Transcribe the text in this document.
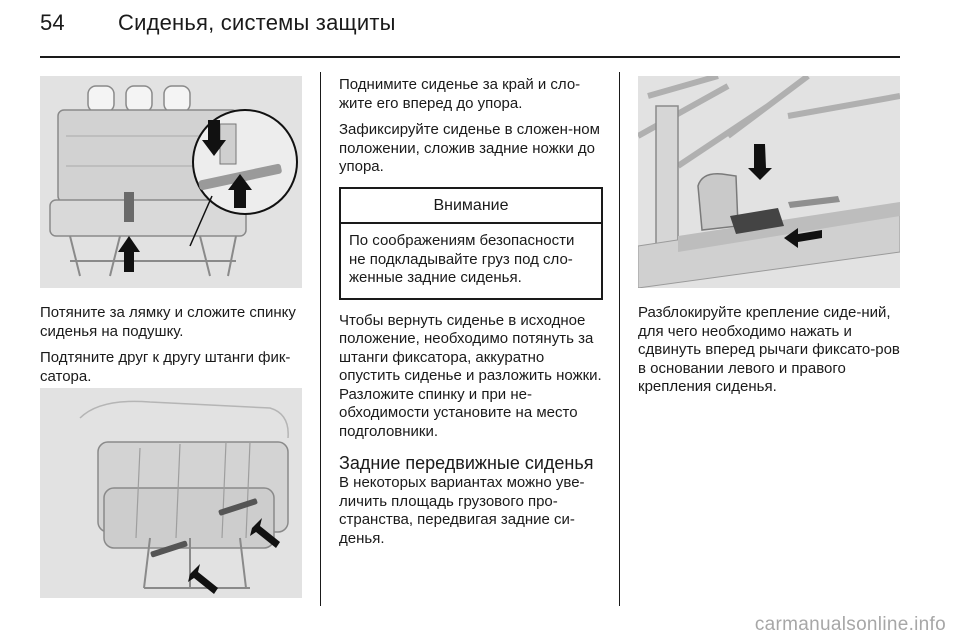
54 Сиденья, системы защиты

Потяните за лямку и сложите спинку сиденья на подушку.

Подтяните друг к другу штанги фик-сатора.

Поднимите сиденье за край и сло-жите его вперед до упора.

Зафиксируйте сиденье в сложен-ном положении, сложив задние ножки до упора.

Внимание
По соображениям безопасности не подкладывайте груз под сло-женные задние сиденья.

Чтобы вернуть сиденье в исходное положение, необходимо потянуть за штанги фиксатора, аккуратно опустить сиденье и разложить ножки. Разложите спинку и при не-обходимости установите на место подголовники.

Задние передвижные сиденья

В некоторых вариантах можно уве-личить площадь грузового про-странства, передвигая задние си-денья.

Разблокируйте крепление сиде-ний, для чего необходимо нажать и сдвинуть вперед рычаги фиксато-ров в основании левого и правого крепления сиденья.

carmanualsonline.info
